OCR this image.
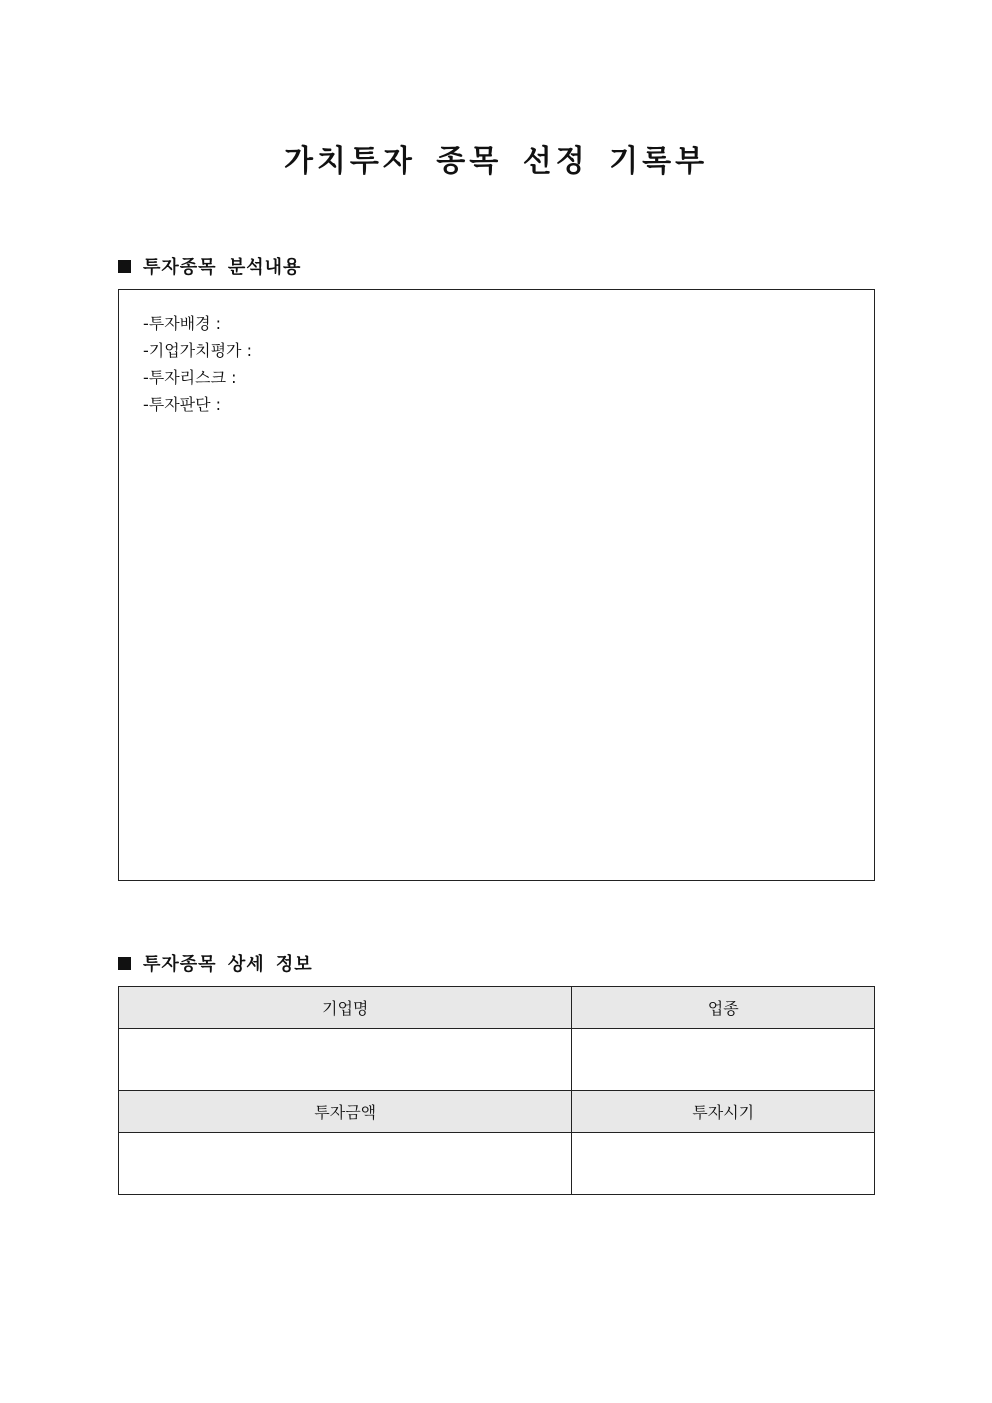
가치투자 종목 선정 기록부
투자종목 분석내용
-투자배경 :
-기업가치평가 :
-투자리스크 :
-투자판단 :
투자종목 상세 정보
기업명	업종

투자금액	투자시기
